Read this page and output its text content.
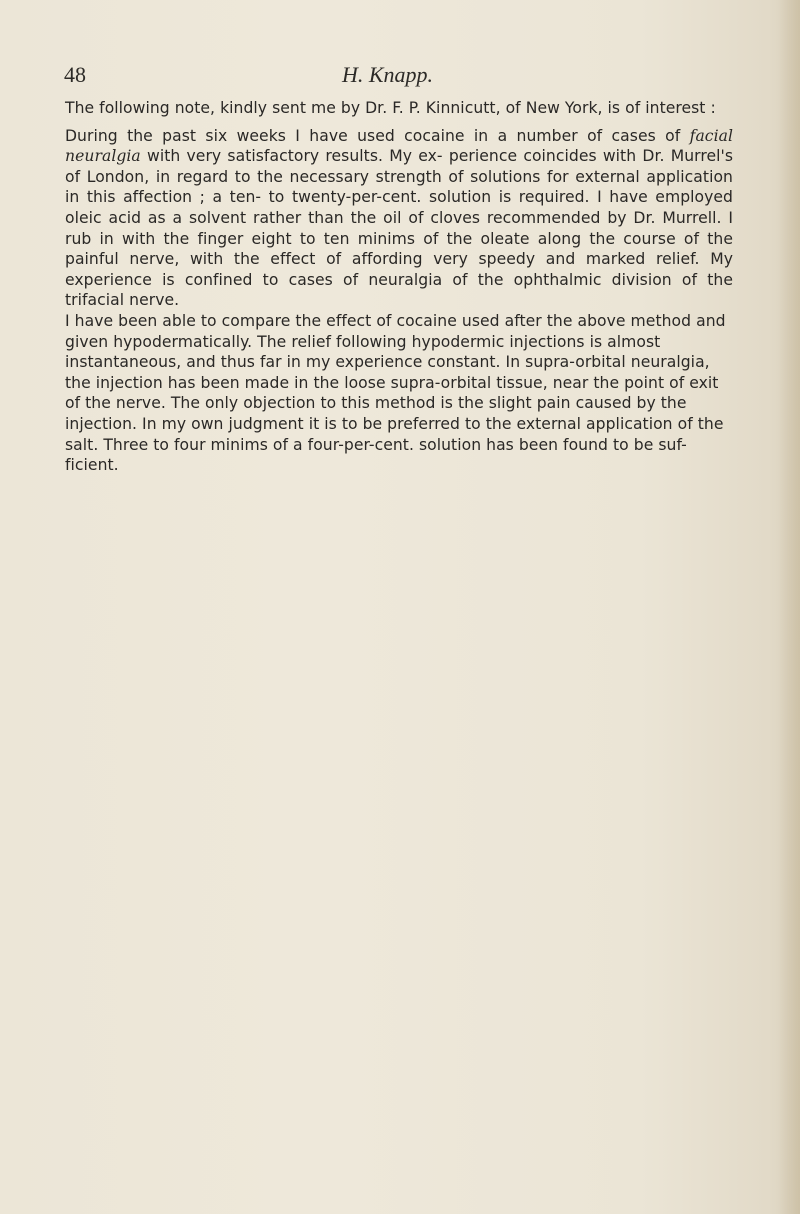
48	H. Knapp.

The following note, kindly sent me by Dr. F. P. Kinnicutt, of New York, is of interest :

During the past six weeks I have used cocaine in a number of cases of facial neuralgia with very satisfactory results. My ex- perience coincides with Dr. Murrel's of London, in regard to the necessary strength of solutions for external application in this affection ; a ten- to twenty-per-cent. solution is required. I have employed oleic acid as a solvent rather than the oil of cloves recommended by Dr. Murrell. I rub in with the finger eight to ten minims of the oleate along the course of the painful nerve, with the effect of affording very speedy and marked relief. My experience is confined to cases of neuralgia of the ophthalmic division of the trifacial nerve.

I have been able to compare the effect of cocaine used after the above method and given hypodermatically. The relief following hypodermic injections is almost instantaneous, and thus far in my experience constant. In supra-orbital neuralgia, the injection has been made in the loose supra-orbital tissue, near the point of exit of the nerve. The only objection to this method is the slight pain caused by the injection. In my own judgment it is to be preferred to the external application of the salt. Three to four minims of a four-per-cent. solution has been found to be suf- ficient.
